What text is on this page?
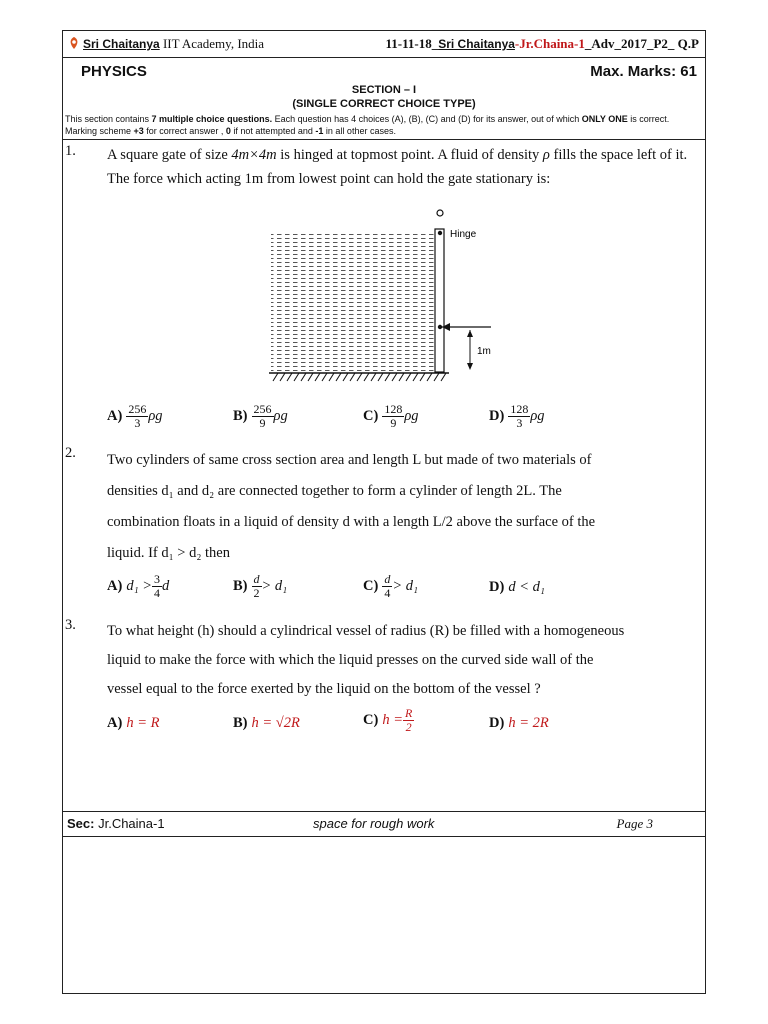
Sri Chaitanya IIT Academy, India	11-11-18_Sri Chaitanya-Jr.Chaina-1_Adv_2017_P2_ Q.P
PHYSICS	Max. Marks: 61
SECTION – I
(SINGLE CORRECT CHOICE TYPE)
This section contains 7 multiple choice questions. Each question has 4 choices (A), (B), (C) and (D) for its answer, out of which ONLY ONE is correct. Marking scheme +3 for correct answer , 0 if not attempted and -1 in all other cases.
1. A square gate of size 4m×4m is hinged at topmost point. A fluid of density ρ fills the space left of it. The force which acting 1m from lowest point can hold the gate stationary is:
Hinge
1m
$A) \frac{256}{3}$ ρg	$B) \frac{256}{9}$ ρg	$C) \frac{128}{9}$ ρg	$D) \frac{128}{3}$ ρg
2. Two cylinders of same cross section area and length L but made of two materials of
densities d₁ and d₂ are connected together to form a cylinder of length 2L. The
combination floats in a liquid of density d with a length L/2 above the surface of the
liquid. If d₁ > d₂ then
A) $d_1 > \frac{3}{4}$ d	$B) \frac{d}{2} > d_1$	$C) \frac{d}{4} > d_1$	D) d < d₁
3. To what height (h) should a cylindrical vessel of radius (R) be filled with a homogeneous
liquid to make the force with which the liquid presses on the curved side wall of the
vessel equal to the force exerted by the liquid on the bottom of the vessel ?
A) h = R	B) h = √2R	C) $h = \frac{R}{2}$	D) h = 2R
Sec: Jr.Chaina-1	space for rough work	Page 3
